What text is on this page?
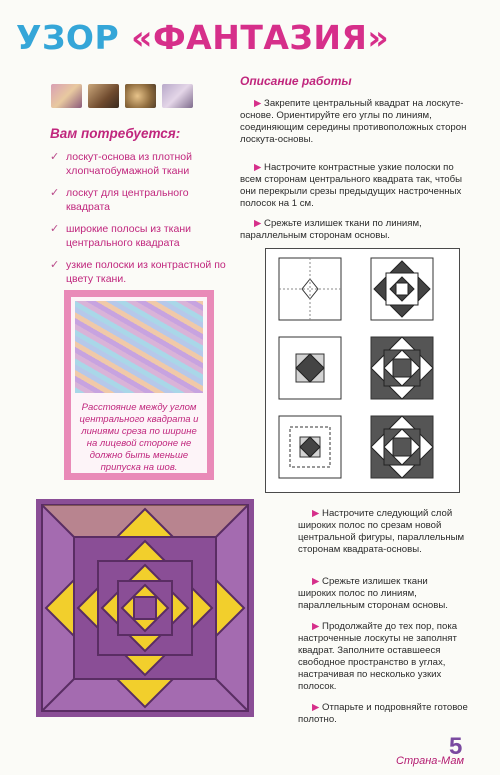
УЗОР «ФАНТАЗИЯ»

Вам потребуется:

✓ лоскут-основа из плотной хлопчатобумажной ткани
✓ лоскут для центрального квадрата
✓ широкие полосы из ткани центрального квадрата
✓ узкие полоски из контрастной по цвету ткани.

Расстояние между углом центрального квадрата и линиями среза по ширине на лицевой стороне не должно быть меньше припуска на шов.

Описание работы

▶ Закрепите центральный квадрат на лоскуте-основе. Ориентируйте его углы по линиям, соединяющим середины противоположных сторон лоскута-основы.

▶ Настрочите контрастные узкие полоски по всем сторонам центрального квадрата так, чтобы они перекрыли срезы предыдущих настроченных полосок на 1 см.

▶ Срежьте излишек ткани по линиям, параллельным сторонам основы.

▶ Настрочите следующий слой широких полос по срезам новой центральной фигуры, параллельным сторонам квадрата-основы.

▶ Срежьте излишек ткани широких полос по линиям, параллельным сторонам основы.

▶ Продолжайте до тех пор, пока настроченные лоскуты не заполнят квадрат. Заполните оставшееся свободное пространство в углах, настрачивая по несколько узких полосок.

▶ Отпарьте и подровняйте готовое полотно.

5

Страна-Мам
